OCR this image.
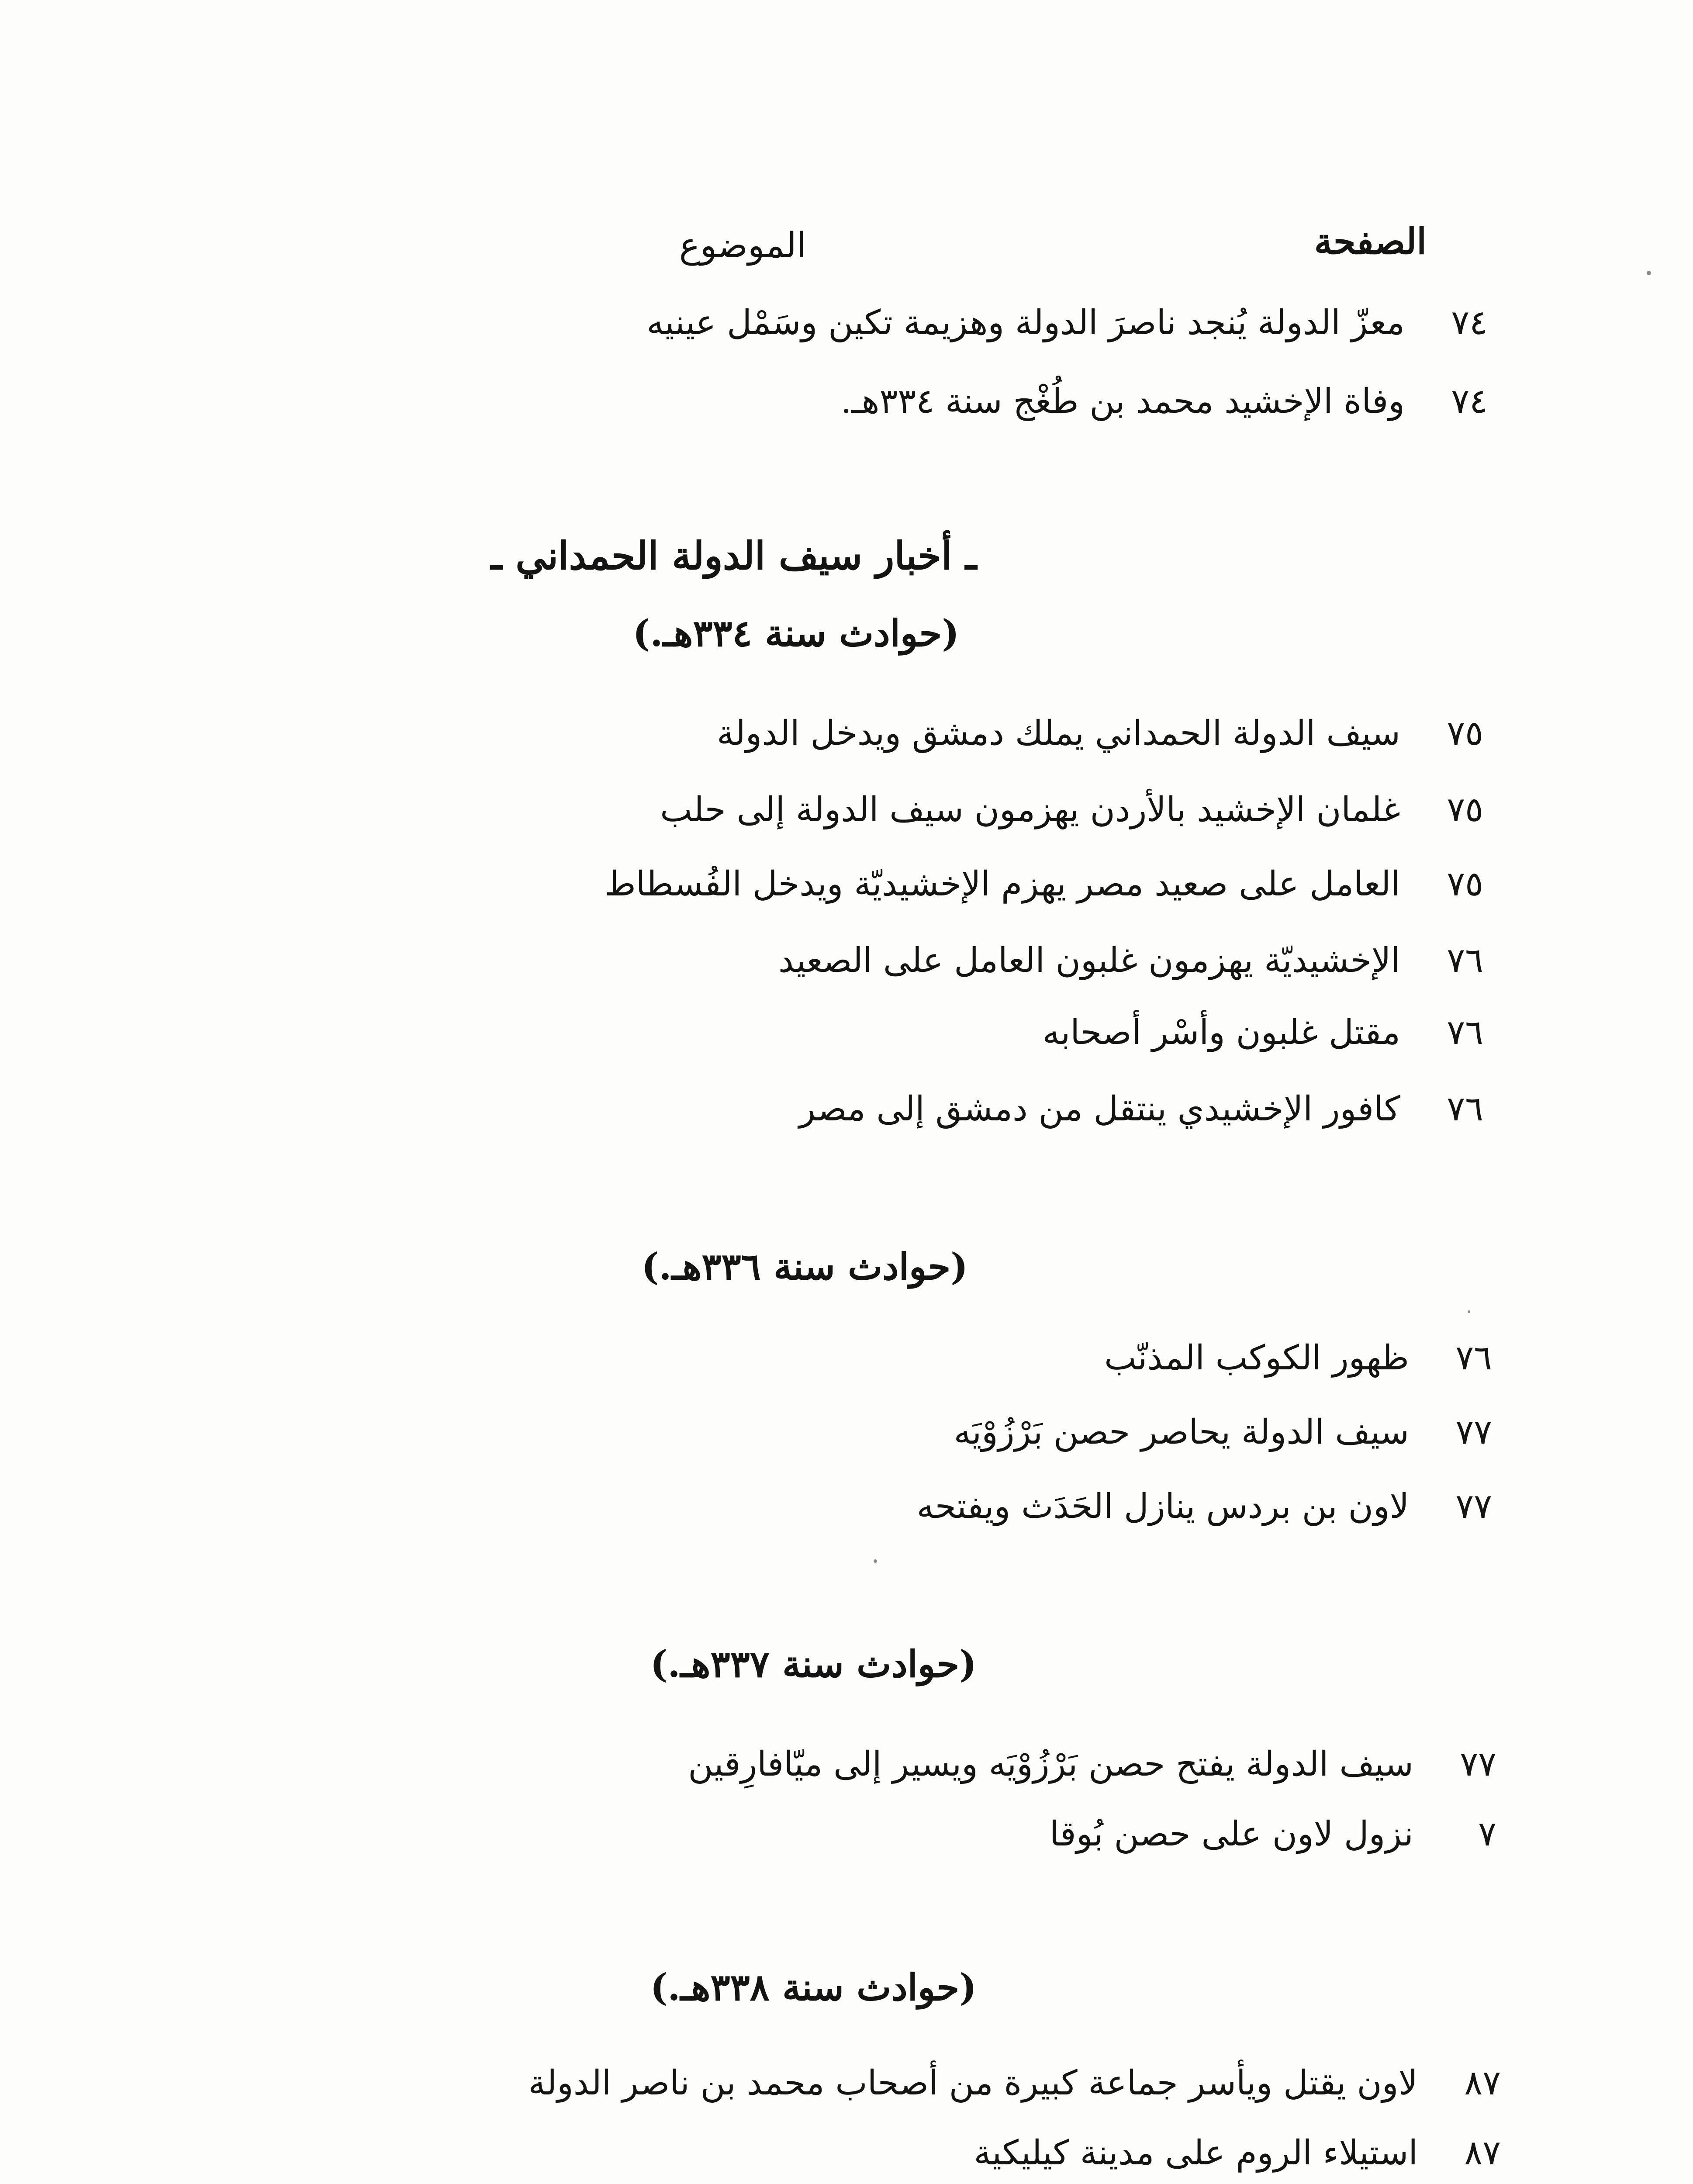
الصفحة
الموضوع
٧٤معزّ الدولة يُنجد ناصرَ الدولة وهزيمة تكين وسَمْل عينيه
٧٤وفاة الإخشيد محمد بن طُغْج سنة ٣٣٤هـ.
ـ أخبار سيف الدولة الحمداني ـ
(حوادث سنة ٣٣٤هـ.)
٧٥سيف الدولة الحمداني يملك دمشق ويدخل الدولة
٧٥غلمان الإخشيد بالأردن يهزمون سيف الدولة إلى حلب
٧٥العامل على صعيد مصر يهزم الإخشيديّة ويدخل الفُسطاط
٧٦الإخشيديّة يهزمون غلبون العامل على الصعيد
٧٦مقتل غلبون وأسْر أصحابه
٧٦كافور الإخشيدي ينتقل من دمشق إلى مصر
(حوادث سنة ٣٣٦هـ.)
٧٦ظهور الكوكب المذنّب
٧٧سيف الدولة يحاصر حصن بَرْزُوْيَه
٧٧لاون بن بردس ينازل الحَدَث ويفتحه
(حوادث سنة ٣٣٧هـ.)
٧٧سيف الدولة يفتح حصن بَرْزُوْيَه ويسير إلى ميّافارِقين
٧نزول لاون على حصن بُوقا
(حوادث سنة ٣٣٨هـ.)
٨٧لاون يقتل ويأسر جماعة كبيرة من أصحاب محمد بن ناصر الدولة
٨٧استيلاء الروم على مدينة كيليكية
